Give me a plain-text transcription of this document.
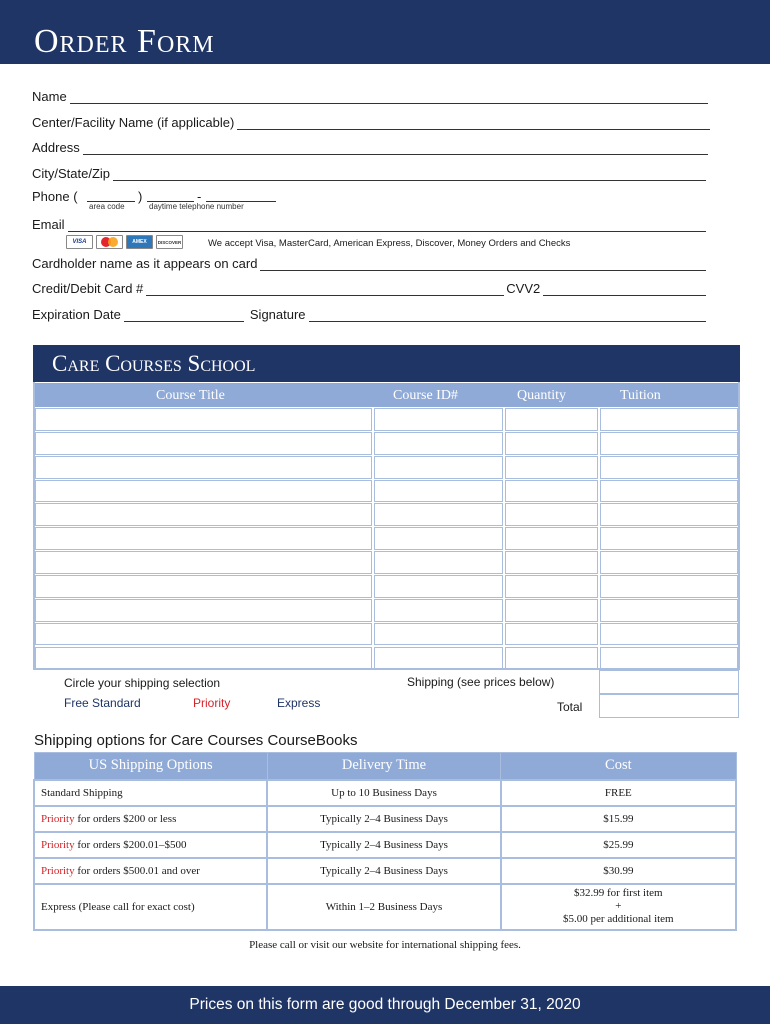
Order Form
Name
Center/Facility Name (if applicable)
Address
City/State/Zip
Phone (	)	-
area code	daytime telephone number
Email
VISA	AMEX DISCOVER	We accept Visa, MasterCard, American Express, Discover, Money Orders and Checks
Cardholder name as it appears on card
Credit/Debit Card #	CVV2
Expiration Date	Signature
Care Courses School
Course Title	Course ID#	Quantity	Tuition
Circle your shipping selection
Free Standard	Priority	Express
Shipping (see prices below)
Total
Shipping options for Care Courses CourseBooks
US Shipping Options	Delivery Time	Cost
Standard Shipping	Up to 10 Business Days	FREE
Priority for orders $200 or less	Typically 2–4 Business Days	$15.99
Priority for orders $200.01–$500	Typically 2–4 Business Days	$25.99
Priority for orders $500.01 and over	Typically 2–4 Business Days	$30.99
Express (Please call for exact cost)	Within 1–2 Business Days	$32.99 for first item
+
$5.00 per additional item
Please call or visit our website for international shipping fees.
Prices on this form are good through December 31, 2020
